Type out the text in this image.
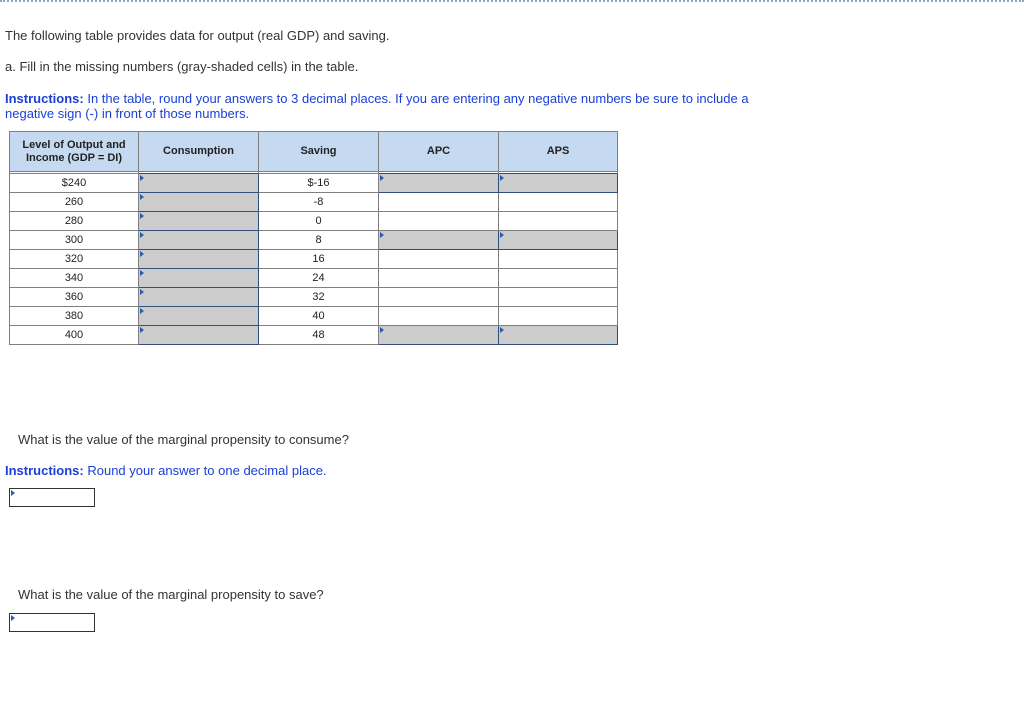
The following table provides data for output (real GDP) and saving.
a. Fill in the missing numbers (gray-shaded cells) in the table.
Instructions: In the table, round your answers to 3 decimal places. If you are entering any negative numbers be sure to include a
negative sign (-) in front of those numbers.
Level of Output and
Income (GDP = DI)	Consumption	Saving	APC	APS

$240		$-16		
260		-8		
280		0		
300		8		
320		16		
340		24		
360		32		
380		40		
400		48		
What is the value of the marginal propensity to consume?
Instructions: Round your answer to one decimal place.
What is the value of the marginal propensity to save?
